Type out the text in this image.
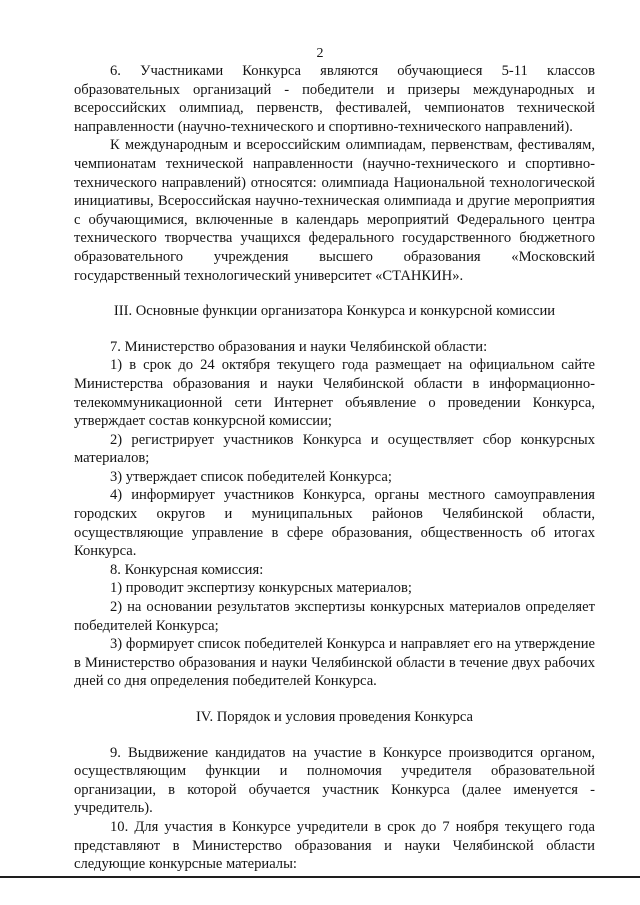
2

6. Участниками Конкурса являются обучающиеся 5-11 классов образовательных организаций - победители и призеры международных и всероссийских олимпиад, первенств, фестивалей, чемпионатов технической направленности (научно-технического и спортивно-технического направлений).

К международным и всероссийским олимпиадам, первенствам, фестивалям, чемпионатам технической направленности (научно-технического и спортивно-технического направлений) относятся: олимпиада Национальной технологической инициативы, Всероссийская научно-техническая олимпиада и другие мероприятия с обучающимися, включенные в календарь мероприятий Федерального центра технического творчества учащихся федерального государственного бюджетного образовательного учреждения высшего образования «Московский государственный технологический университет «СТАНКИН».

III. Основные функции организатора Конкурса и конкурсной комиссии

7. Министерство образования и науки Челябинской области:

1) в срок до 24 октября текущего года размещает на официальном сайте Министерства образования и науки Челябинской области в информационно-телекоммуникационной сети Интернет объявление о проведении Конкурса, утверждает состав конкурсной комиссии;

2) регистрирует участников Конкурса и осуществляет сбор конкурсных материалов;

3) утверждает список победителей Конкурса;

4) информирует участников Конкурса, органы местного самоуправления городских округов и муниципальных районов Челябинской области, осуществляющие управление в сфере образования, общественность об итогах Конкурса.

8. Конкурсная комиссия:

1) проводит экспертизу конкурсных материалов;

2) на основании результатов экспертизы конкурсных материалов определяет победителей Конкурса;

3) формирует список победителей Конкурса и направляет его на утверждение в Министерство образования и науки Челябинской области в течение двух рабочих дней со дня определения победителей Конкурса.

IV. Порядок и условия проведения Конкурса

9. Выдвижение кандидатов на участие в Конкурсе производится органом, осуществляющим функции и полномочия учредителя образовательной организации, в которой обучается участник Конкурса (далее именуется - учредитель).

10. Для участия в Конкурсе учредители в срок до 7 ноября текущего года представляют в Министерство образования и науки Челябинской области следующие конкурсные материалы:
